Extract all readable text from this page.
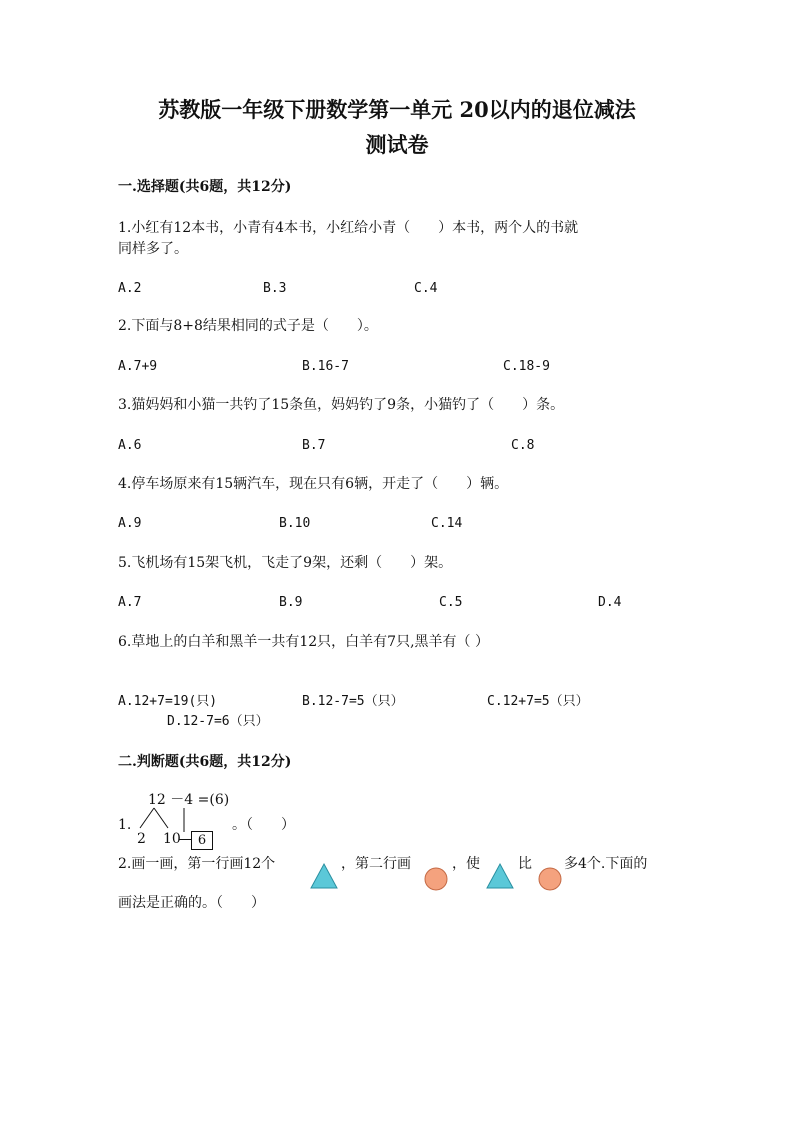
苏教版一年级下册数学第一单元 20以内的退位减法
测试卷
一.选择题(共6题，共12分)
1.小红有12本书，小青有4本书，小红给小青（　　）本书，两个人的书就
同样多了。
A.2	B.3	C.4
2.下面与8+8结果相同的式子是（　　）。
A.7+9	B.16-7	C.18-9
3.猫妈妈和小猫一共钓了15条鱼，妈妈钓了9条，小猫钓了（　　）条。
A.6	B.7	C.8
4.停车场原来有15辆汽车，现在只有6辆，开走了（　　）辆。
A.9	B.10	C.14
5.飞机场有15架飞机，飞走了9架，还剩（　　）架。
A.7	B.9	C.5	D.4
6.草地上的白羊和黑羊一共有12只，白羊有7只,黑羊有（ ）
A.12+7=19(只)	B.12-7=5（只）	C.12+7=5（只）
D.12-7=6（只）
二.判断题(共6题，共12分)
12 －4 =(6)
1.
2 10	6
。（　　）
2.画一画，第一行画12个	，第二行画	，使	比 多4个.下面的
画法是正确的。（　　）
